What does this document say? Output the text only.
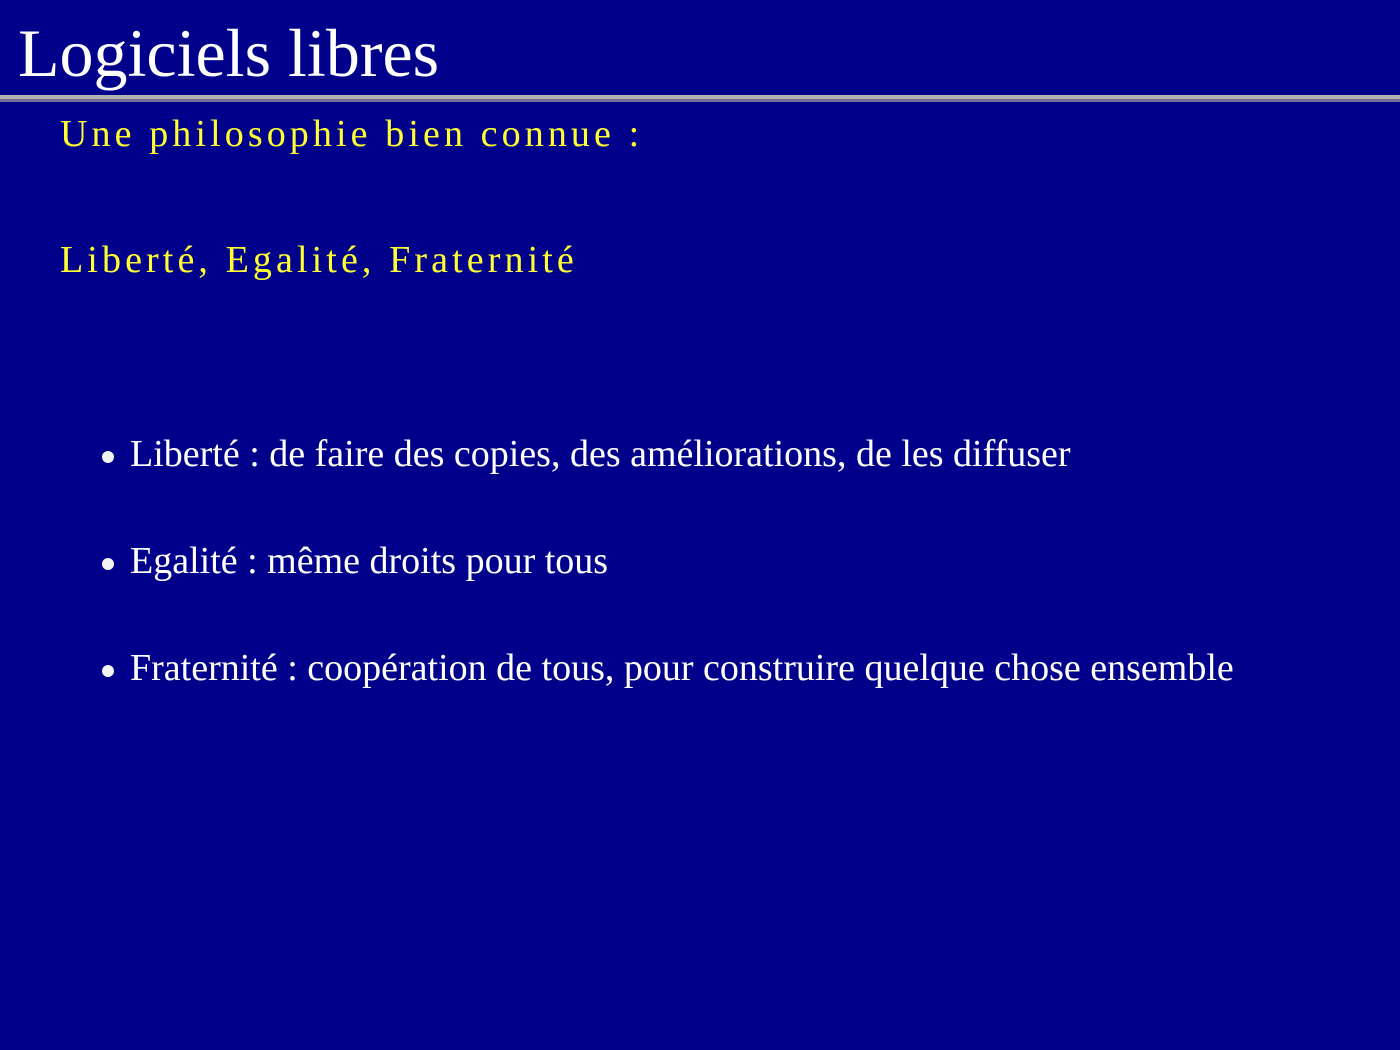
Logiciels libres

Une philosophie bien connue :

Liberté, Egalité, Fraternité

Liberté : de faire des copies, des améliorations, de les diffuser
Egalité : même droits pour tous
Fraternité : coopération de tous, pour construire quelque chose ensemble
